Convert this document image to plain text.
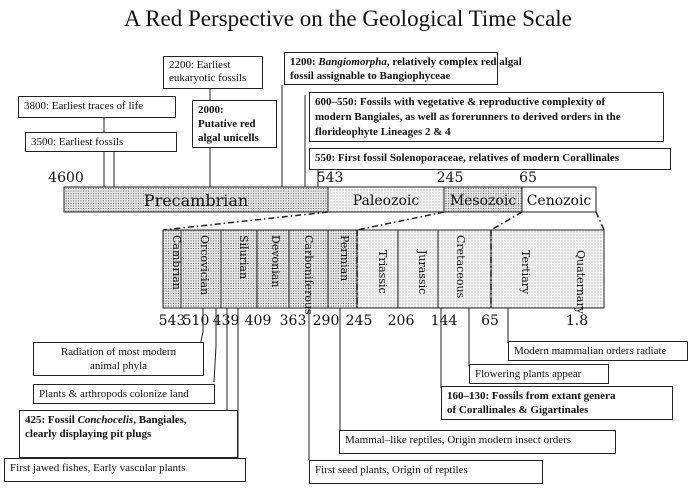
A Red Perspective on the Geological Time Scale
Precambrian	Paleozoic Mesozoic Cenozoic
4600	543	245	65
Cambrian Orcovician Silurian Devonian Carboniferous Permian Triassic Jurassic Cretaceous	Tertiary	Quaternary
543
510 439 409 363 290 245 206 144 65	1.8
3800: Earliest traces of life
3500: Earliest fossils
2200: Earliest
eukaryotic fossils
2000:
Putative red
algal unicells
1200: Bangiomorpha, relatively complex red algal
fossil assignable to Bangiophyceae
600–550: Fossils with vegetative & reproductive complexity of
modern Bangiales, as well as forerunners to derived orders in the
florideophyte Lineages 2 & 4
550: First fossil Solenoporaceae, relatives of modern Corallinales
Radiation of most modern
animal phyla
Plants & arthropods colonize land
425: Fossil Conchocelis, Bangiales,
clearly displaying pit plugs
First jawed fishes, Early vascular plants	First seed plants, Origin of reptiles
Mammal–like reptiles, Origin modern insect orders
160–130: Fossils from extant genera
of Corallinales & Gigartinales
Flowering plants appear
Modern mammalian orders radiate
